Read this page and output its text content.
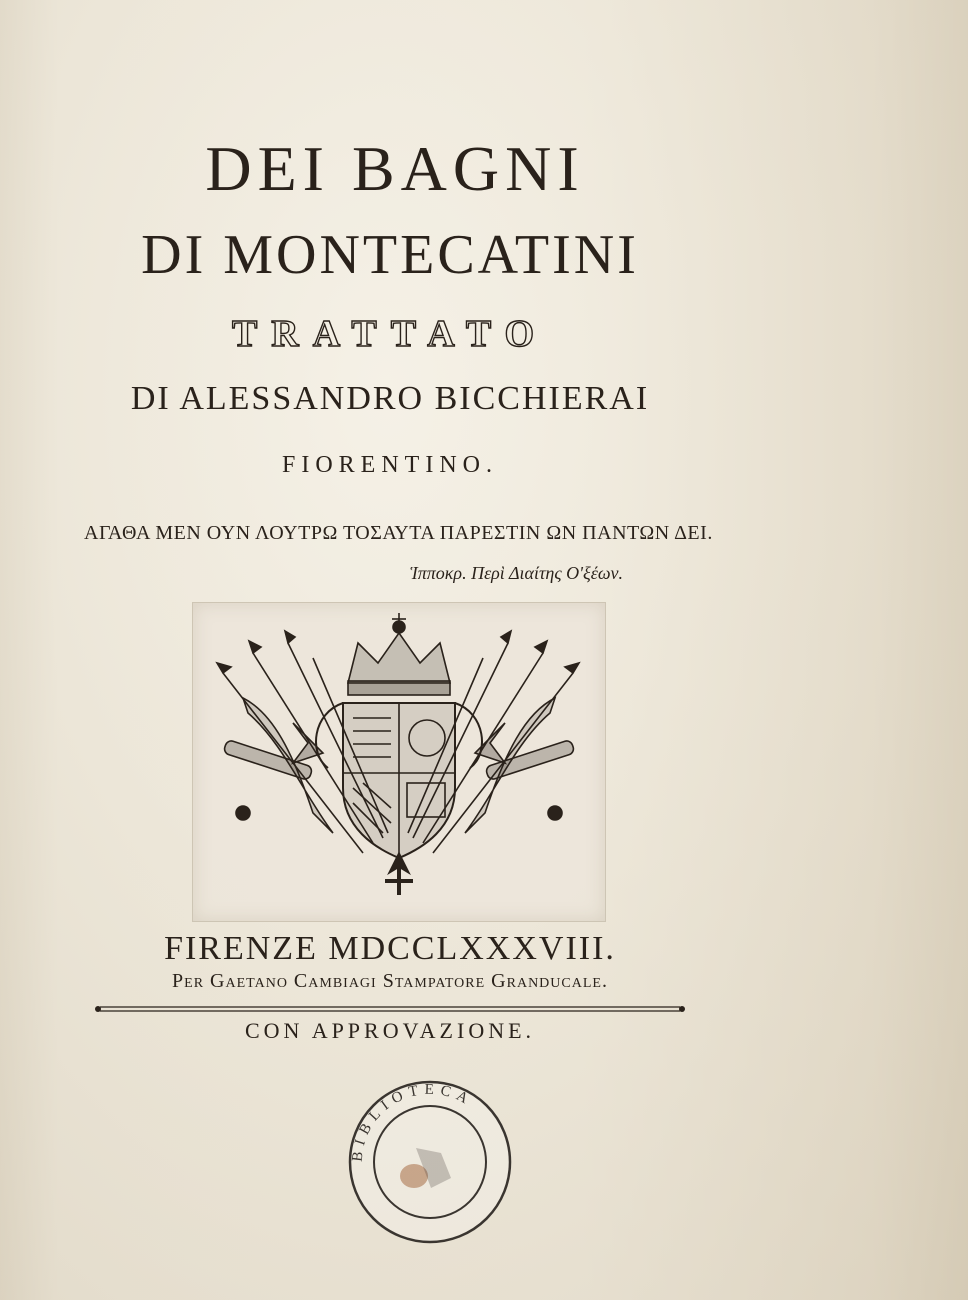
DEI BAGNI
DI MONTECATINI
TRATTATO
DI ALESSANDRO BICCHIERAI
FIORENTINO.
ΑΓΑΘΑ ΜΕΝ ΟΥΝ ΛΟΥΤΡΩ ΤΟΣΑΥΤΑ ΠΑΡΕΣΤΙΝ ΩΝ ΠΑΝΤΩΝ ΔΕΙ.
Ἱπποκρ. Περὶ Διαίτης Ο'ξέων.
FIRENZE MDCCLXXXVIII.
Per Gaetano Cambiagi Stampatore Granducale.
CON APPROVAZIONE.
BIBLIOTECA
